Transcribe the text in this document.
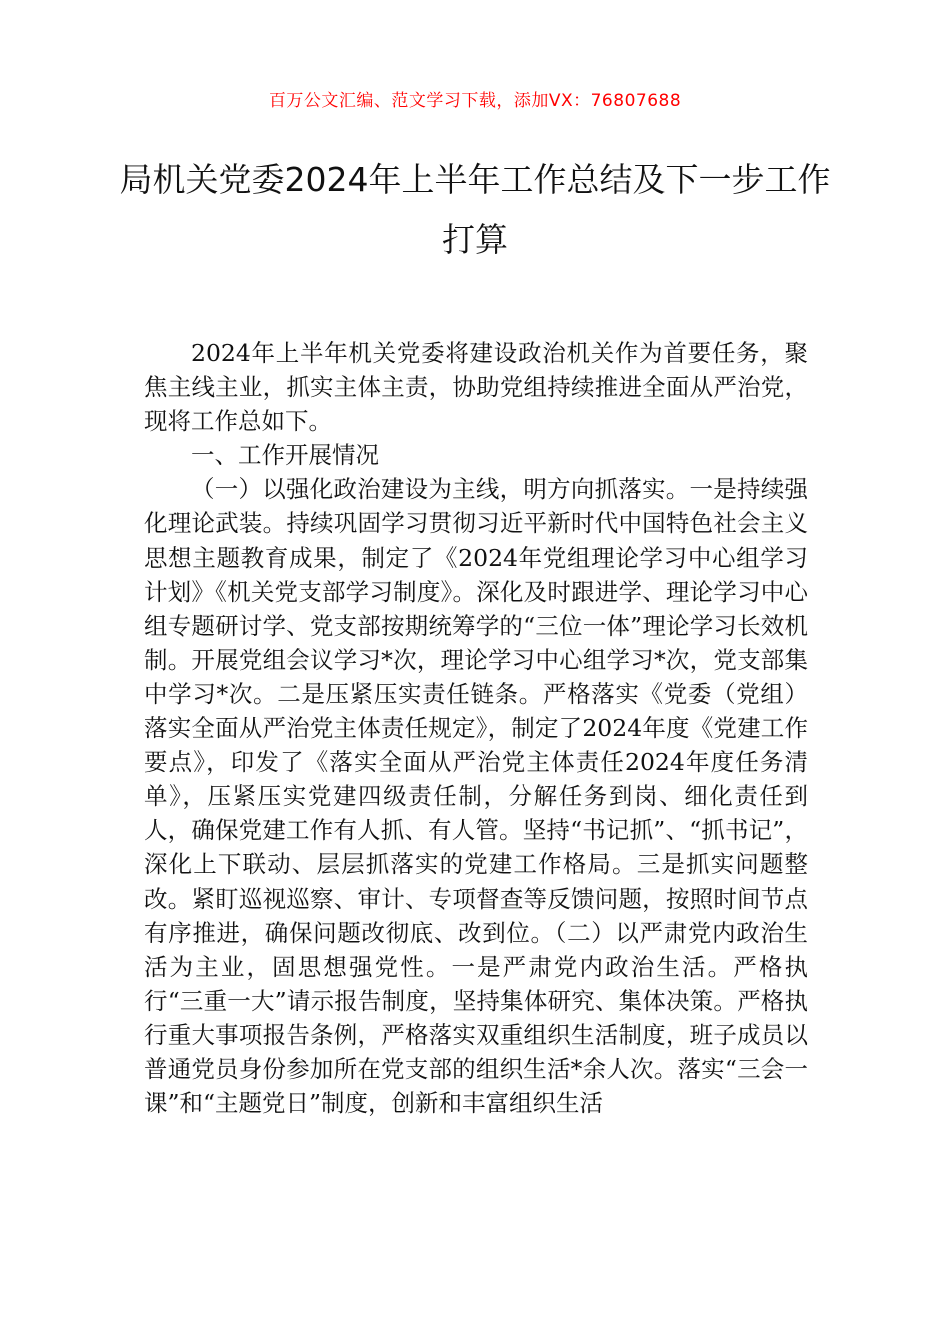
百万公文汇编、范文学习下载，添加VX：76807688
局机关党委2024年上半年工作总结及下一步工作打算

2024年上半年机关党委将建设政治机关作为首要任务，聚焦主线主业，抓实主体主责，协助党组持续推进全面从严治党，现将工作总如下。

一、工作开展情况

（一）以强化政治建设为主线，明方向抓落实。一是持续强化理论武装。持续巩固学习贯彻习近平新时代中国特色社会主义思想主题教育成果，制定了《2024年党组理论学习中心组学习计划》《机关党支部学习制度》。深化及时跟进学、理论学习中心组专题研讨学、党支部按期统筹学的“三位一体”理论学习长效机制。开展党组会议学习*次，理论学习中心组学习*次，党支部集中学习*次。二是压紧压实责任链条。严格落实《党委（党组）落实全面从严治党主体责任规定》，制定了2024年度《党建工作要点》，印发了《落实全面从严治党主体责任2024年度任务清单》，压紧压实党建四级责任制，分解任务到岗、细化责任到人，确保党建工作有人抓、有人管。坚持“书记抓”、“抓书记”，深化上下联动、层层抓落实的党建工作格局。三是抓实问题整改。紧盯巡视巡察、审计、专项督查等反馈问题，按照时间节点有序推进，确保问题改彻底、改到位。（二）以严肃党内政治生活为主业，固思想强党性。一是严肃党内政治生活。严格执行“三重一大”请示报告制度，坚持集体研究、集体决策。严格执行重大事项报告条例，严格落实双重组织生活制度，班子成员以普通党员身份参加所在党支部的组织生活*余人次。落实“三会一课”和“主题党日”制度，创新和丰富组织生活
